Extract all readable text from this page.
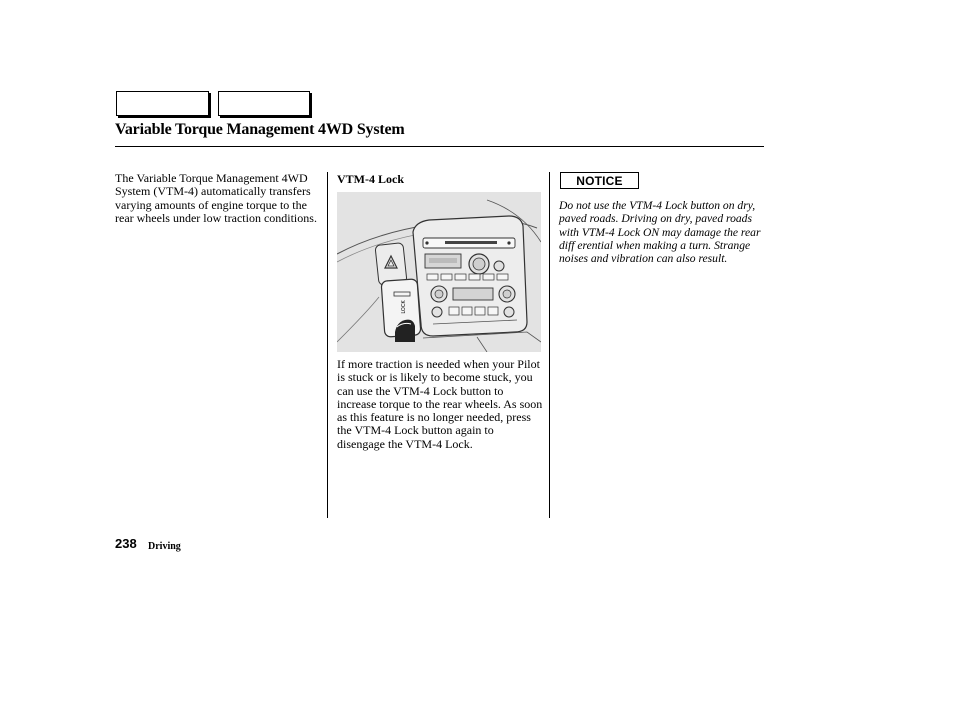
Variable Torque Management 4WD System
The Variable Torque Management 4WD System (VTM-4) automatically transfers varying amounts of engine torque to the rear wheels under low traction conditions.
VTM-4 Lock
LOCK
If more traction is needed when your Pilot is stuck or is likely to become stuck, you can use the VTM-4 Lock button to increase torque to the rear wheels. As soon as this feature is no longer needed, press the VTM-4 Lock button again to disengage the VTM-4 Lock.
NOTICE
Do not use the VTM-4 Lock button on dry, paved roads. Driving on dry, paved roads with VTM-4 Lock ON may damage the rear diff erential when making a turn. Strange noises and vibration can also result.
238 Driving
